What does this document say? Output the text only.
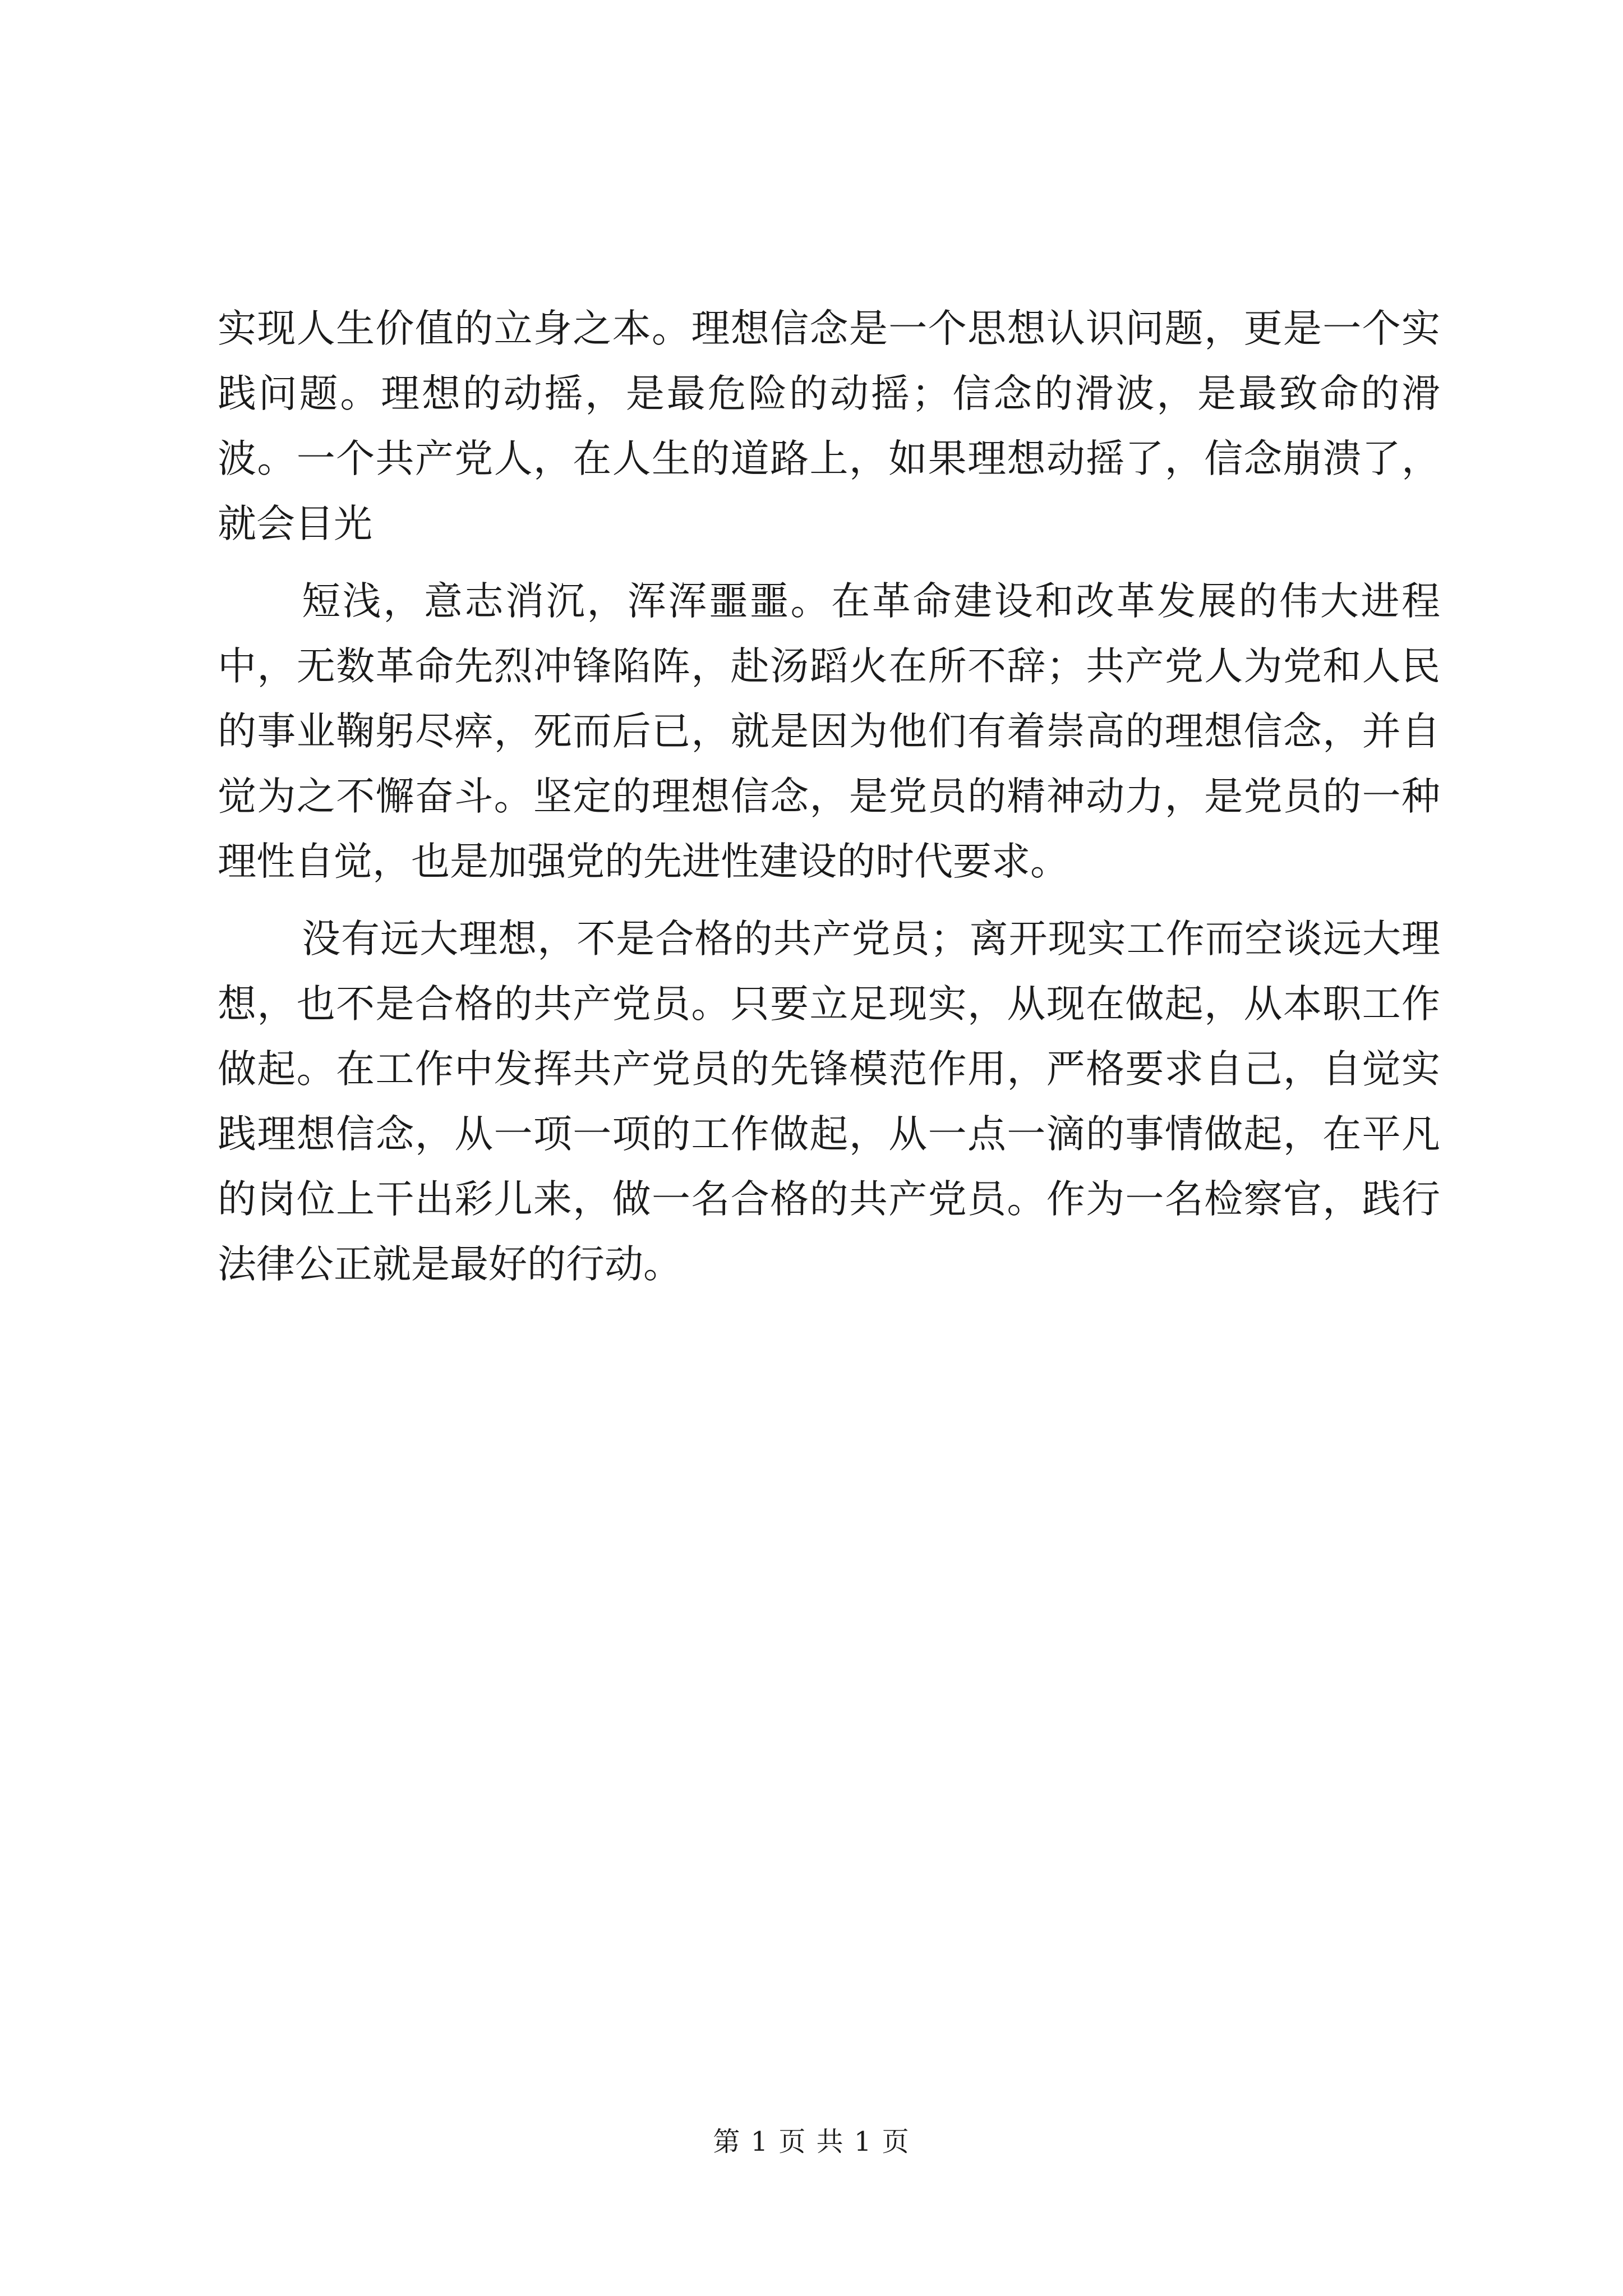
实现人生价值的立身之本。理想信念是一个思想认识问题，更是一个实践问题。理想的动摇，是最危险的动摇；信念的滑波，是最致命的滑波。一个共产党人，在人生的道路上，如果理想动摇了，信念崩溃了，就会目光

短浅，意志消沉，浑浑噩噩。在革命建设和改革发展的伟大进程中，无数革命先烈冲锋陷阵，赴汤蹈火在所不辞；共产党人为党和人民的事业鞠躬尽瘁，死而后已，就是因为他们有着崇高的理想信念，并自觉为之不懈奋斗。坚定的理想信念，是党员的精神动力，是党员的一种理性自觉，也是加强党的先进性建设的时代要求。

没有远大理想，不是合格的共产党员；离开现实工作而空谈远大理想，也不是合格的共产党员。只要立足现实，从现在做起，从本职工作做起。在工作中发挥共产党员的先锋模范作用，严格要求自己，自觉实践理想信念，从一项一项的工作做起，从一点一滴的事情做起，在平凡的岗位上干出彩儿来，做一名合格的共产党员。作为一名检察官，践行法律公正就是最好的行动。

第 1 页 共 1 页
